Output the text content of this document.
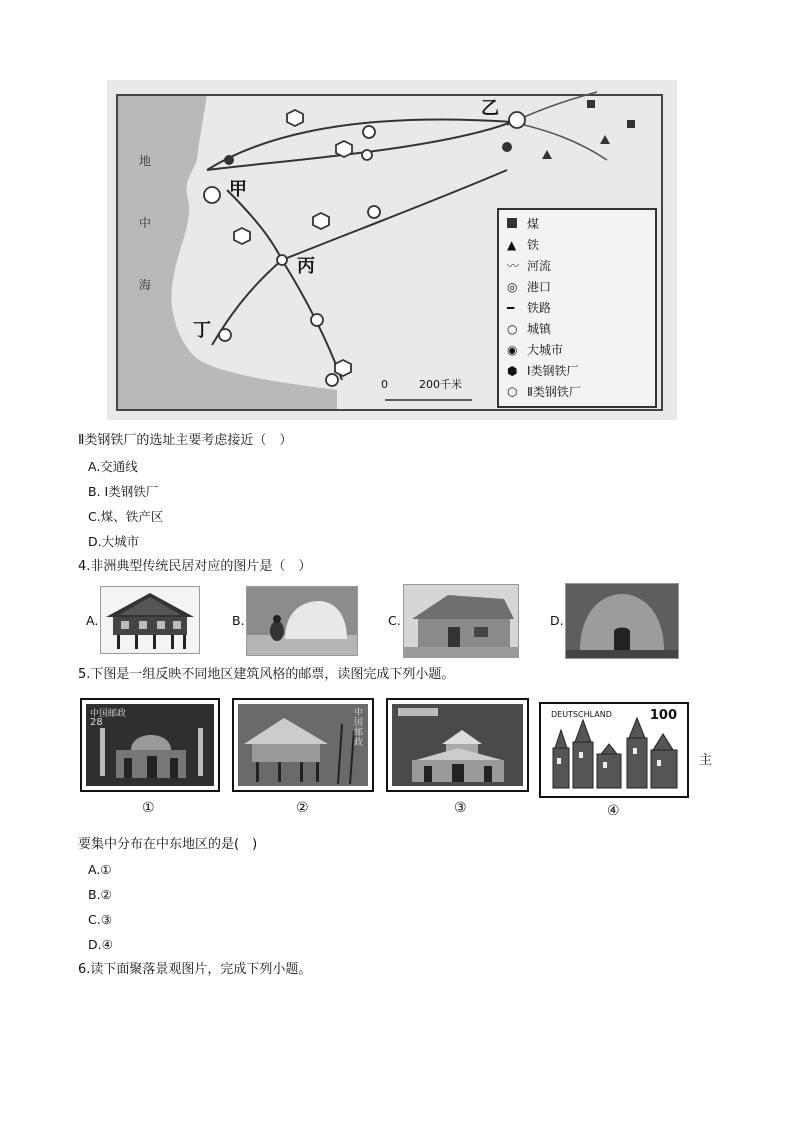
地
中
海
甲
乙
丙
丁
0	200千米
煤
▲ 铁
〰 河流
◎ 港口
━ 铁路
○ 城镇
◉ 大城市
⬢ Ⅰ类钢铁厂
⬡ Ⅱ类钢铁厂
Ⅱ类钢铁厂的选址主要考虑接近（　）
A.交通线
B. Ⅰ类钢铁厂
C.煤、铁产区
D.大城市
4.非洲典型传统民居对应的图片是（　）
A.	B.	C.	D.
5.下图是一组反映不同地区建筑风格的邮票，读图完成下列小题。
中国邮政
28
①
中国邮政
②	③
DEUTSCHLAND	100
④
主
要集中分布在中东地区的是(　)
A.①
B.②
C.③
D.④
6.读下面聚落景观图片，完成下列小题。
